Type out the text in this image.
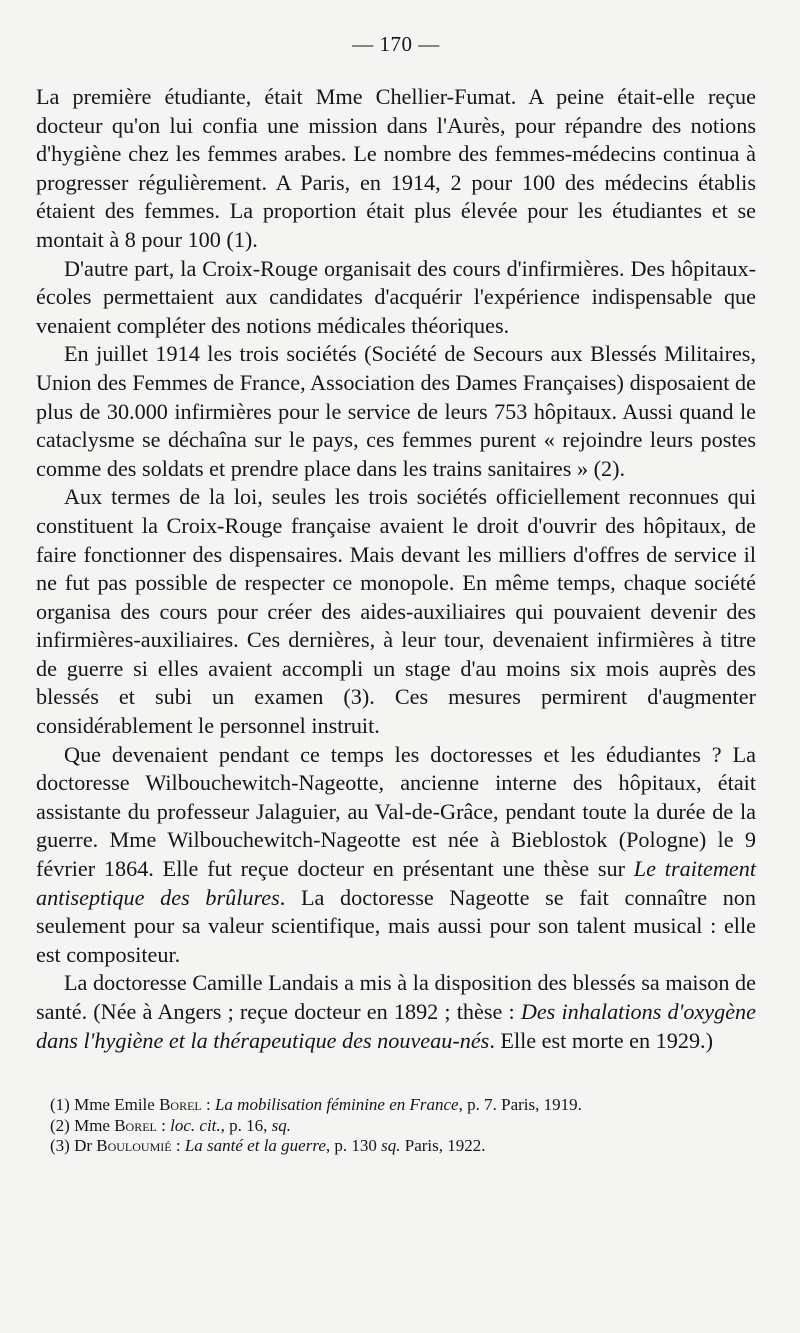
— 170 —

La première étudiante, était Mme Chellier-Fumat. A peine était-elle reçue docteur qu'on lui confia une mission dans l'Aurès, pour répandre des notions d'hygiène chez les femmes arabes. Le nombre des femmes-médecins continua à progresser régulièrement. A Paris, en 1914, 2 pour 100 des médecins établis étaient des femmes. La proportion était plus élevée pour les étudiantes et se montait à 8 pour 100 (1).

D'autre part, la Croix-Rouge organisait des cours d'infirmières. Des hôpitaux-écoles permettaient aux candidates d'acquérir l'expérience indispensable que venaient compléter des notions médicales théoriques.

En juillet 1914 les trois sociétés (Société de Secours aux Blessés Militaires, Union des Femmes de France, Association des Dames Françaises) disposaient de plus de 30.000 infirmières pour le service de leurs 753 hôpitaux. Aussi quand le cataclysme se déchaîna sur le pays, ces femmes purent « rejoindre leurs postes comme des soldats et prendre place dans les trains sanitaires » (2).

Aux termes de la loi, seules les trois sociétés officiellement reconnues qui constituent la Croix-Rouge française avaient le droit d'ouvrir des hôpitaux, de faire fonctionner des dispensaires. Mais devant les milliers d'offres de service il ne fut pas possible de respecter ce monopole. En même temps, chaque société organisa des cours pour créer des aides-auxiliaires qui pouvaient devenir des infirmières-auxiliaires. Ces dernières, à leur tour, devenaient infirmières à titre de guerre si elles avaient accompli un stage d'au moins six mois auprès des blessés et subi un examen (3). Ces mesures permirent d'augmenter considérablement le personnel instruit.

Que devenaient pendant ce temps les doctoresses et les édudiantes ? La doctoresse Wilbouchewitch-Nageotte, ancienne interne des hôpitaux, était assistante du professeur Jalaguier, au Val-de-Grâce, pendant toute la durée de la guerre. Mme Wilbouchewitch-Nageotte est née à Bieblostok (Pologne) le 9 février 1864. Elle fut reçue docteur en présentant une thèse sur Le traitement antiseptique des brûlures. La doctoresse Nageotte se fait connaître non seulement pour sa valeur scientifique, mais aussi pour son talent musical : elle est compositeur.

La doctoresse Camille Landais a mis à la disposition des blessés sa maison de santé. (Née à Angers ; reçue docteur en 1892 ; thèse : Des inhalations d'oxygène dans l'hygiène et la thérapeutique des nouveau-nés. Elle est morte en 1929.)

(1) Mme Emile Borel : La mobilisation féminine en France, p. 7. Paris, 1919.
(2) Mme Borel : loc. cit., p. 16, sq.
(3) Dr Bouloumié : La santé et la guerre, p. 130 sq. Paris, 1922.
